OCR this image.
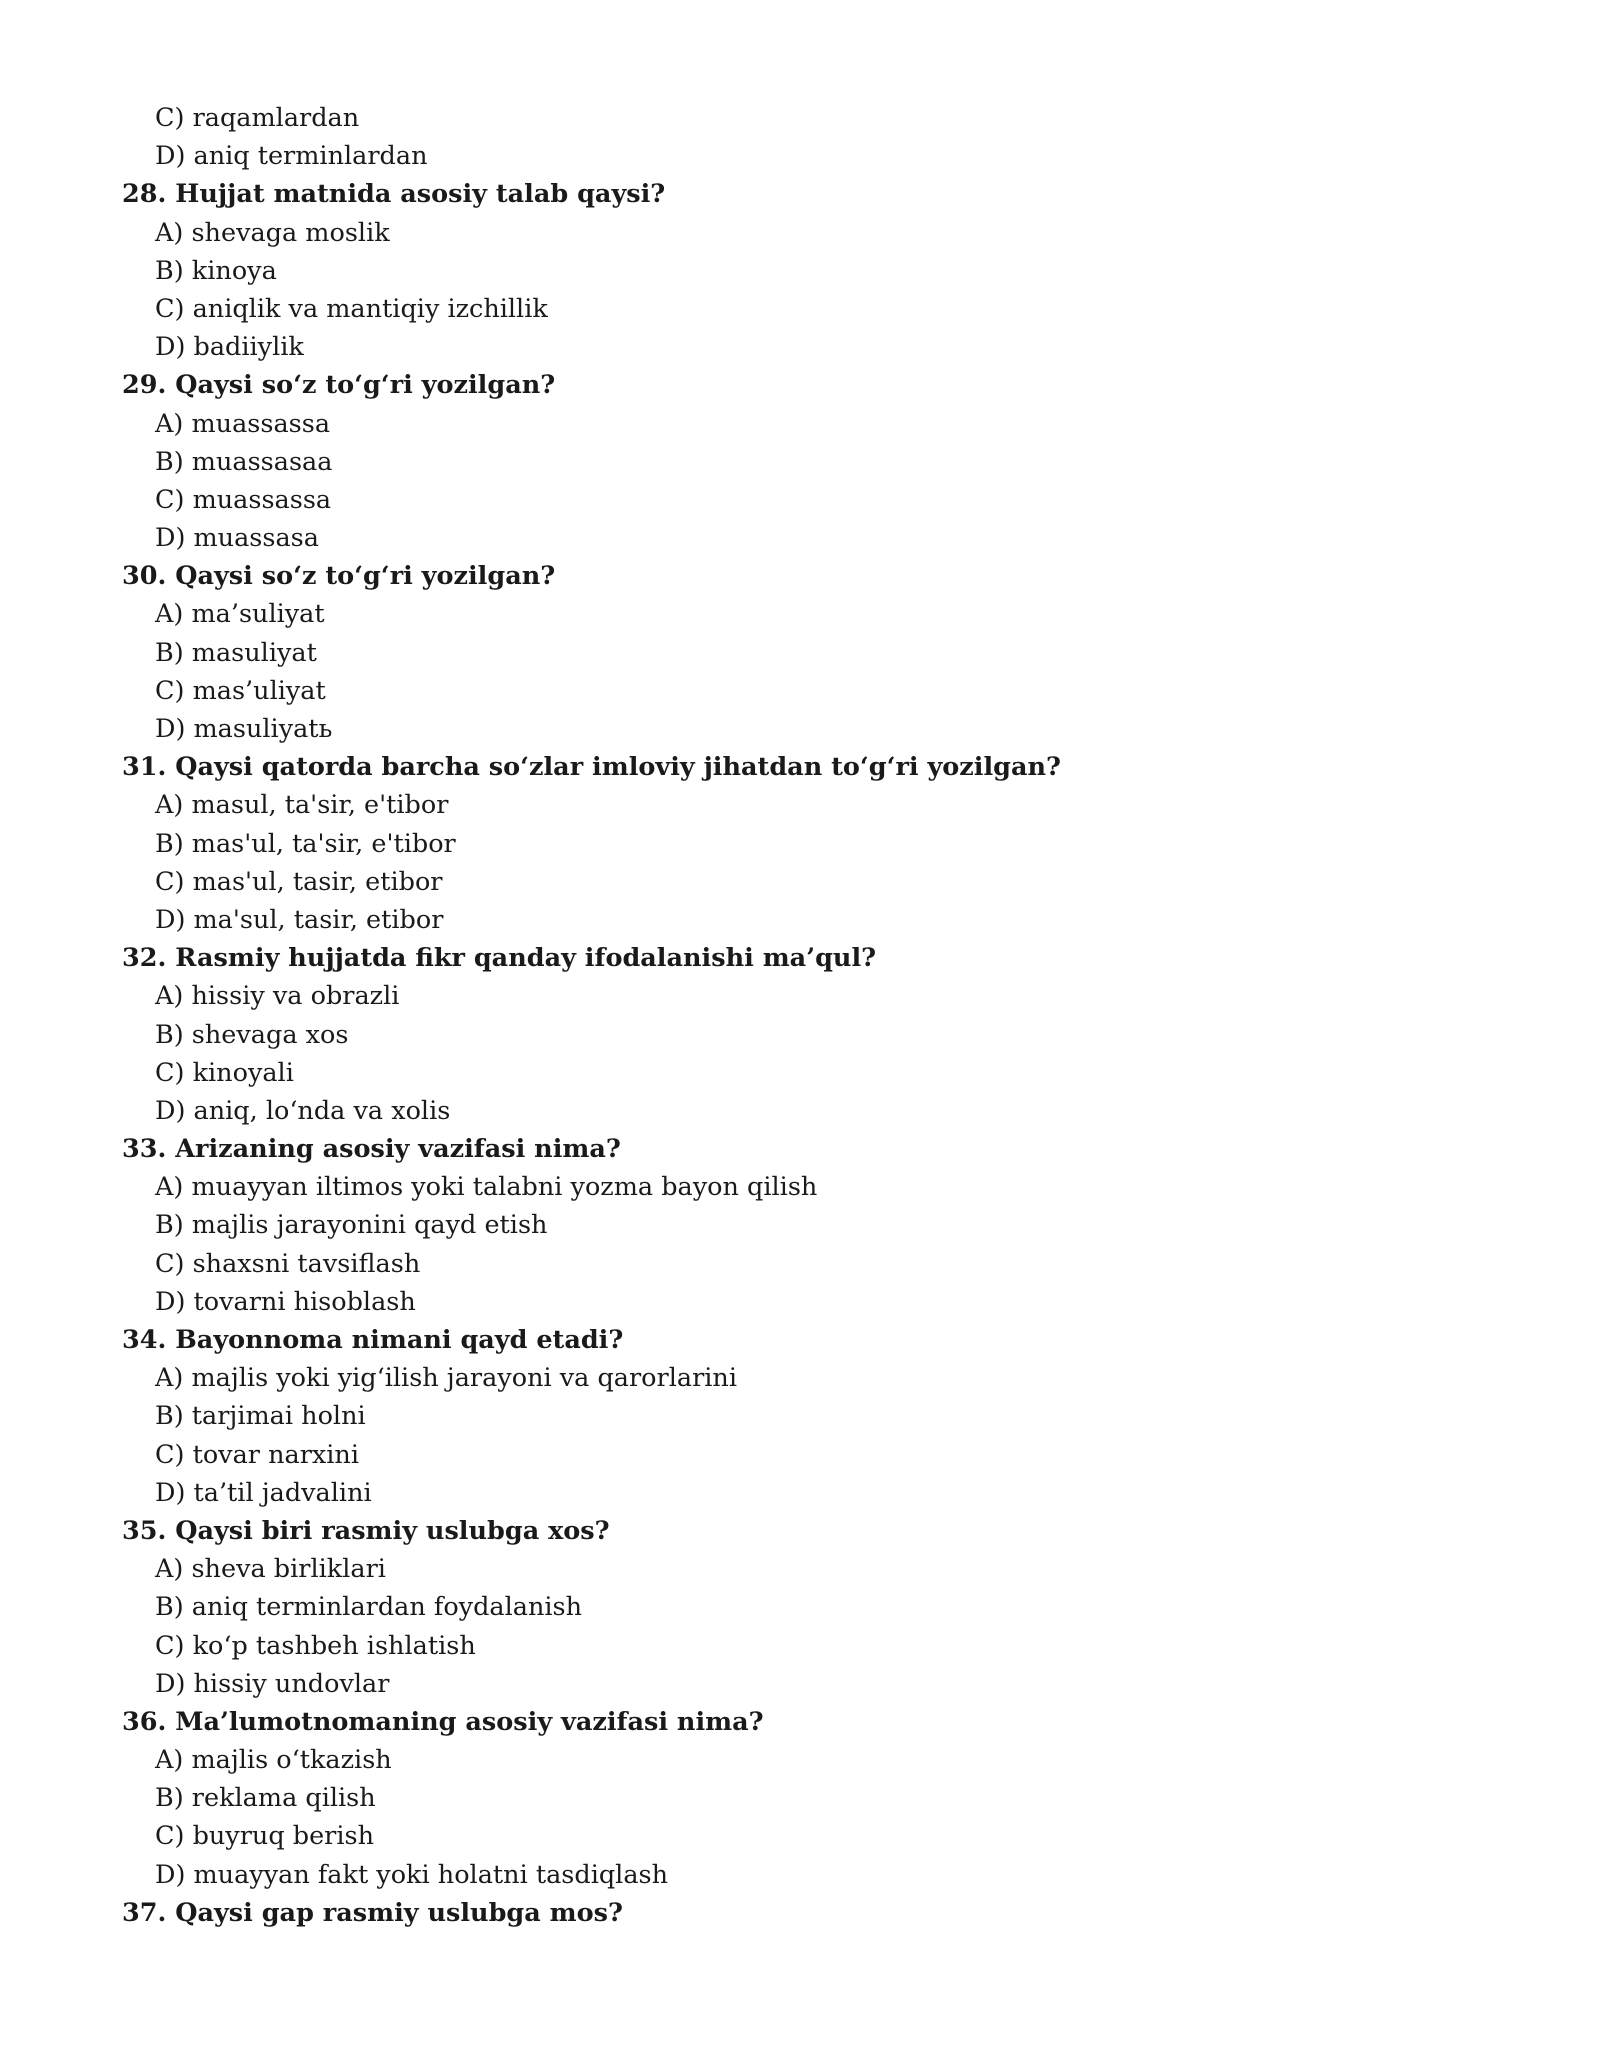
C) raqamlardan
D) aniq terminlardan
28. Hujjat matnida asosiy talab qaysi?
A) shevaga moslik
B) kinoya
C) aniqlik va mantiqiy izchillik
D) badiiylik
29. Qaysi so‘z to‘g‘ri yozilgan?
A) muassassa
B) muassasaа
C) muassassa
D) muassasa
30. Qaysi so‘z to‘g‘ri yozilgan?
A) ma’suliyat
B) masuliyat
C) mas’uliyat
D) masuliyatь
31. Qaysi qatorda barcha so‘zlar imloviy jihatdan to‘g‘ri yozilgan?
A) masul, ta'sir, e'tibor
B) mas'ul, ta'sir, e'tibor
C) mas'ul, tasir, etibor
D) ma'sul, tasir, etibor
32. Rasmiy hujjatda fikr qanday ifodalanishi ma’qul?
A) hissiy va obrazli
B) shevaga xos
C) kinoyali
D) aniq, lo‘nda va xolis
33. Arizaning asosiy vazifasi nima?
A) muayyan iltimos yoki talabni yozma bayon qilish
B) majlis jarayonini qayd etish
C) shaxsni tavsiflash
D) tovarni hisoblash
34. Bayonnoma nimani qayd etadi?
A) majlis yoki yig‘ilish jarayoni va qarorlarini
B) tarjimai holni
C) tovar narxini
D) ta’til jadvalini
35. Qaysi biri rasmiy uslubga xos?
A) sheva birliklari
B) aniq terminlardan foydalanish
C) ko‘p tashbeh ishlatish
D) hissiy undovlar
36. Ma’lumotnomaning asosiy vazifasi nima?
A) majlis o‘tkazish
B) reklama qilish
C) buyruq berish
D) muayyan fakt yoki holatni tasdiqlash
37. Qaysi gap rasmiy uslubga mos?
